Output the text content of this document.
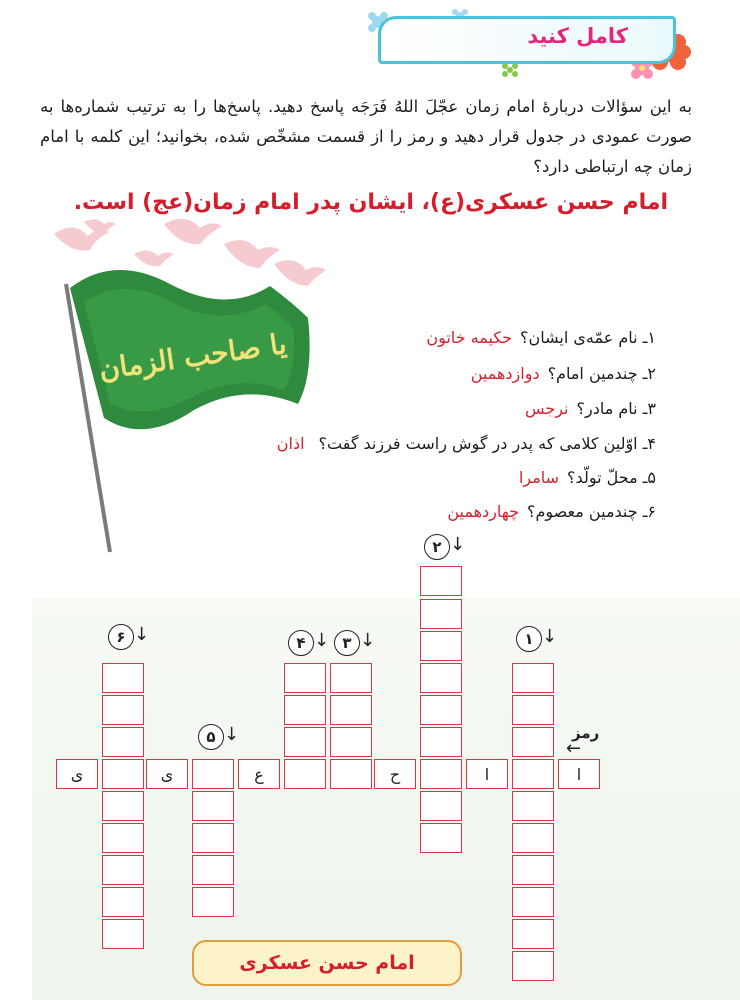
کامل کنید
به این سؤالات دربارهٔ امام زمان عجّلَ اللهُ فَرَجَه پاسخ دهید. پاسخ‌ها را به ترتیب شماره‌ها به صورت عمودی در جدول قرار دهید و رمز را از قسمت مشخّص شده، بخوانید؛ این کلمه با امام زمان چه ارتباطی دارد؟
امام حسن عسکری(ع)، ایشان پدر امام زمان(عج) است.
یا صاحب الزمان	۱ـ نام عمّه‌ی ایشان؟حکیمه خاتون
۲ـ چندمین امام؟دوازدهمین
۳ـ نام مادر؟نرجس
۴ـ اوّلین کلامی که پدر در گوش راست فرزند گفت؟اذان
۵ـ محلّ تولّد؟سامرا
۶ـ چندمین معصوم؟چهاردهمین
۲ ↓
۱ ↓
۳ ↓
۴ ↓
۶ ↓
۵ ↓	رمز
←
ا
ا
ح
ع
ی
ی
امام حسن عسکری
